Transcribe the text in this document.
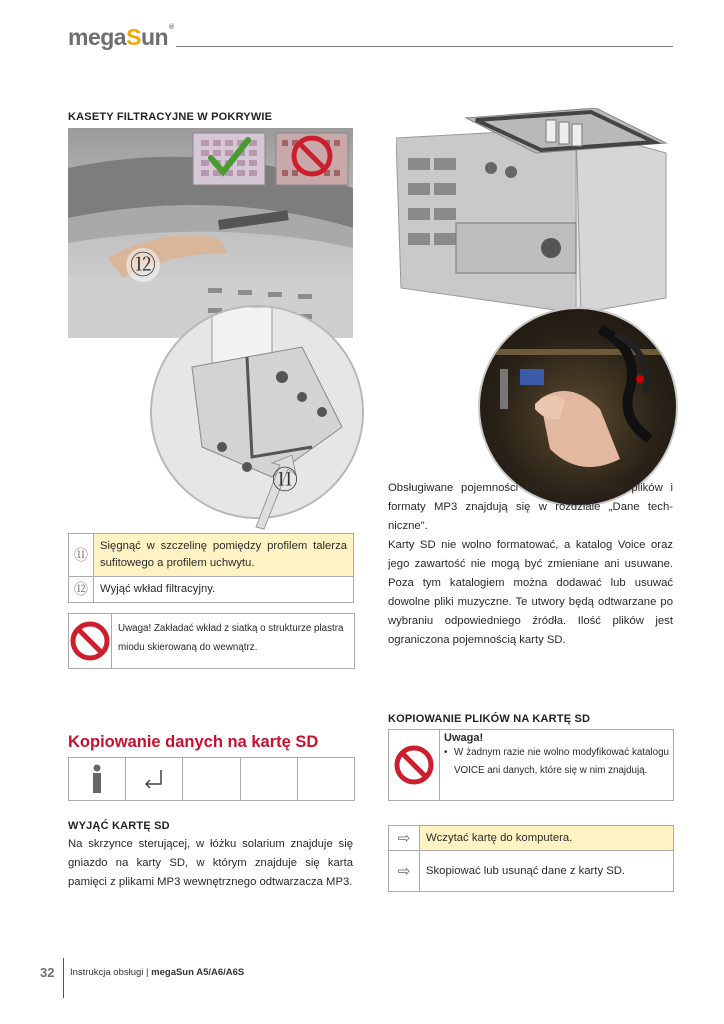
megaSun®
KASETY FILTRACYJNE W POKRYWIE
⑫
⑪
⑪	Sięgnąć w szczelinę pomiędzy profilem talerza sufitowego a profilem uchwytu.
⑫	Wyjąć wkład filtracyjny.
Uwaga! Zakładać wkład z siatką o strukturze plastra miodu skierowaną do wewnątrz.
Kopiowanie danych na kartę SD
WYJĄĆ KARTĘ SD
Na skrzynce sterującej, w łóżku solarium znajduje się gniazdo na karty SD, w którym znajduje się karta pamięci z plikami MP3 wewnętrznego odtwarzacza MP3.
Obsługiwane pojemności kart oraz systemy plików i formaty MP3 znajdują się w rozdziale „Dane tech-niczne".
Karty SD nie wolno formatować, a katalog Voice oraz jego zawartość nie mogą być zmieniane ani usuwane. Poza tym katalogiem można dodawać lub usuwać dowolne pliki muzyczne. Te utwory będą odtwarzane po wybraniu odpowiedniego źródła. Ilość plików jest ograniczona pojemnością karty SD.
KOPIOWANIE PLIKÓW NA KARTĘ SD
Uwaga!
• W żadnym razie nie wolno modyfikować katalogu VOICE ani danych, które się w nim znajdują.
⇨	Wczytać kartę do komputera.
⇨	Skopiować lub usunąć dane z karty SD.
32 Instrukcja obsługi | megaSun A5/A6/A6S
